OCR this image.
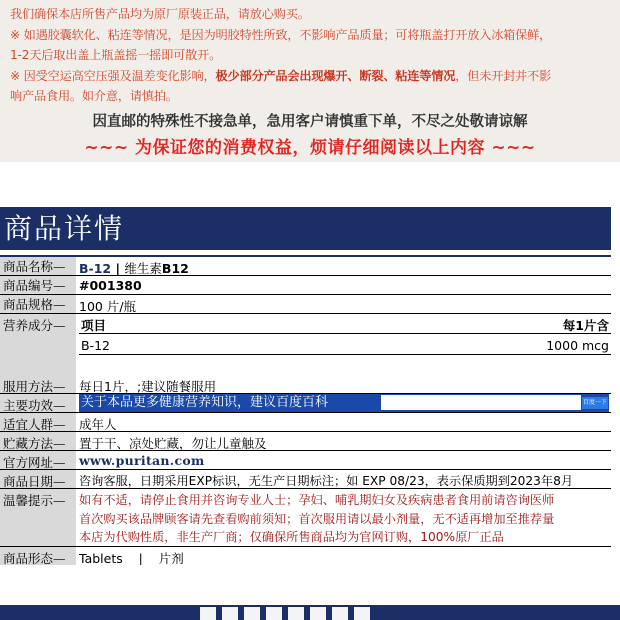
我们确保本店所售产品均为原厂原装正品，请放心购买。
※ 如遇胶囊软化、粘连等情况，是因为明胶特性所致，不影响产品质量；可将瓶盖打开放入冰箱保鲜，
1-2天后取出盖上瓶盖摇一摇即可散开。
※ 因受空运高空压强及温差变化影响，极少部分产品会出现爆开、断裂、粘连等情况，但未开封并不影
响产品食用。如介意，请慎拍。
因直邮的特殊性不接急单，急用客户请慎重下单，不尽之处敬请谅解
~~~ 为保证您的消费权益，烦请仔细阅读以上内容 ~~~
商品详情
商品名称—	B-12 | 维生素B12
商品编号—	#001380
商品规格—	100 片/瓶
营养成分—	项目	每1片含
B-12	1000 mcg
服用方法—	每日1片，;建议随餐服用
主要功效—	关于本品更多健康营养知识，建议百度百科	百度一下
适宜人群—	成年人
贮藏方法—	置于干、凉处贮藏，勿让儿童触及
官方网址—	www.puritan.com
商品日期—	咨询客服，日期采用EXP标识，无生产日期标注；如 EXP 08/23，表示保质期到2023年8月
温馨提示—	如有不适，请停止食用并咨询专业人士；孕妇、哺乳期妇女及疾病患者食用前请咨询医师
首次购买该品牌顾客请先查看购前须知；首次服用请以最小剂量，无不适再增加至推荐量
本店为代购性质，非生产厂商；仅确保所售商品均为官网订购，100%原厂正品
商品形态—	Tablets    |    片剂
